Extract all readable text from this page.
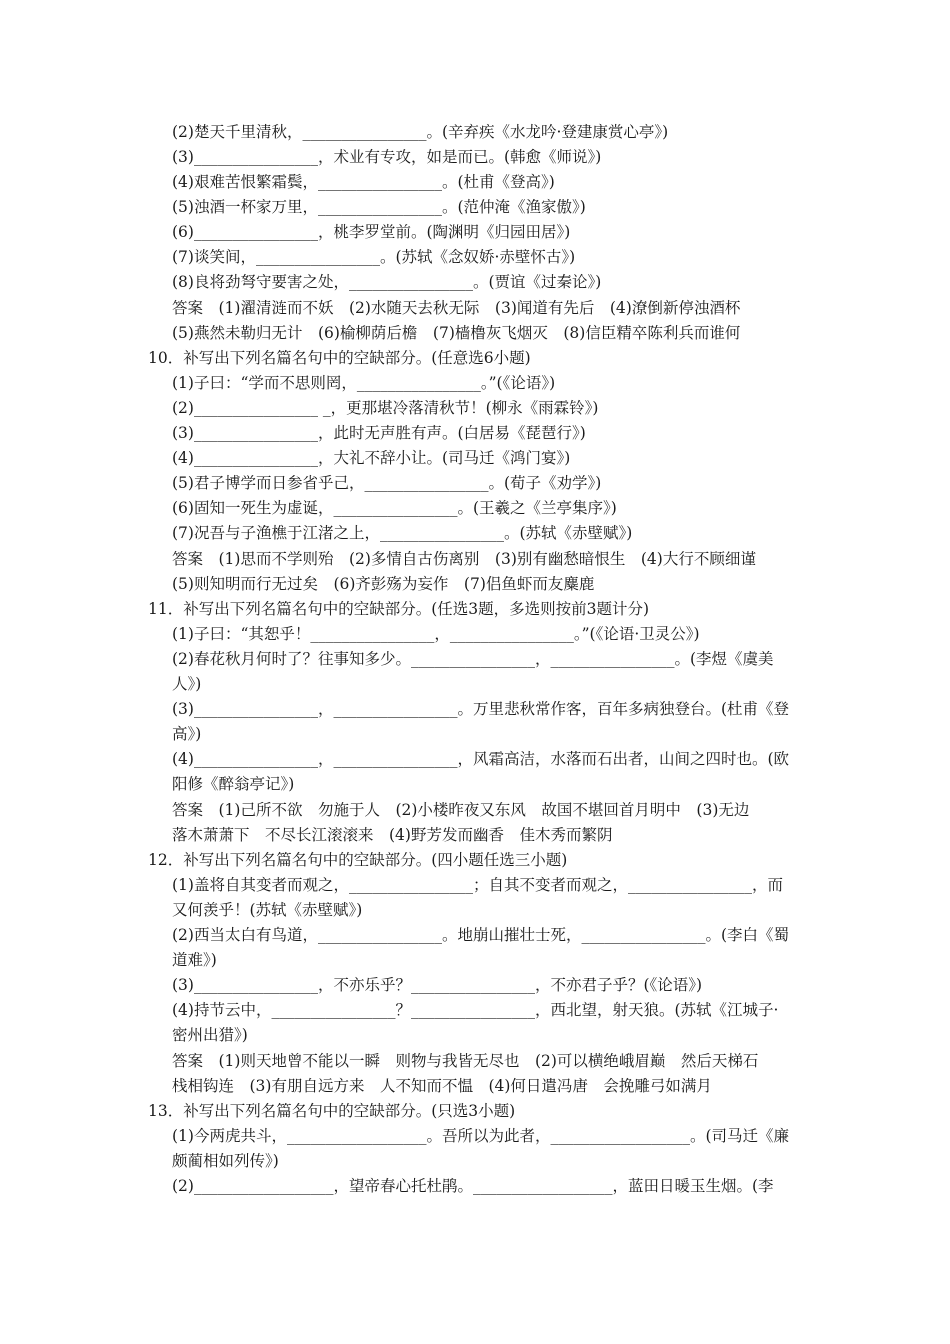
(2)楚天千里清秋，________________。(辛弃疾《水龙吟·登建康赏心亭》)
(3)________________，术业有专攻，如是而已。(韩愈《师说》)
(4)艰难苦恨繁霜鬓，________________。(杜甫《登高》)
(5)浊酒一杯家万里，________________。(范仲淹《渔家傲》)
(6)________________，桃李罗堂前。(陶渊明《归园田居》)
(7)谈笑间，________________。(苏轼《念奴娇·赤壁怀古》)
(8)良将劲弩守要害之处，________________。(贾谊《过秦论》)
答案　(1)濯清涟而不妖　(2)水随天去秋无际　(3)闻道有先后　(4)潦倒新停浊酒杯
(5)燕然未勒归无计　(6)榆柳荫后檐　(7)樯橹灰飞烟灭　(8)信臣精卒陈利兵而谁何
10．补写出下列名篇名句中的空缺部分。(任意选6小题)
(1)子曰：“学而不思则罔，________________。”(《论语》)
(2)________________ _，更那堪冷落清秋节！(柳永《雨霖铃》)
(3)________________，此时无声胜有声。(白居易《琵琶行》)
(4)________________，大礼不辞小让。(司马迁《鸿门宴》)
(5)君子博学而日参省乎己，________________。(荀子《劝学》)
(6)固知一死生为虚诞，________________。(王羲之《兰亭集序》)
(7)况吾与子渔樵于江渚之上，________________。(苏轼《赤壁赋》)
答案　(1)思而不学则殆　(2)多情自古伤离别　(3)别有幽愁暗恨生　(4)大行不顾细谨
(5)则知明而行无过矣　(6)齐彭殇为妄作　(7)侣鱼虾而友麋鹿
11．补写出下列名篇名句中的空缺部分。(任选3题，多选则按前3题计分)
(1)子曰：“其恕乎！________________，________________。”(《论语·卫灵公》)
(2)春花秋月何时了？往事知多少。________________，________________。(李煜《虞美
人》)
(3)________________，________________。万里悲秋常作客，百年多病独登台。(杜甫《登
高》)
(4)________________，________________，风霜高洁，水落而石出者，山间之四时也。(欧
阳修《醉翁亭记》)
答案　(1)己所不欲　勿施于人　(2)小楼昨夜又东风　故国不堪回首月明中　(3)无边
落木萧萧下　不尽长江滚滚来　(4)野芳发而幽香　佳木秀而繁阴
12．补写出下列名篇名句中的空缺部分。(四小题任选三小题)
(1)盖将自其变者而观之，________________；自其不变者而观之，________________，而
又何羡乎！(苏轼《赤壁赋》)
(2)西当太白有鸟道，________________。地崩山摧壮士死，________________。(李白《蜀
道难》)
(3)________________，不亦乐乎？________________，不亦君子乎？(《论语》)
(4)持节云中，________________？________________，西北望，射天狼。(苏轼《江城子·
密州出猎》)
答案　(1)则天地曾不能以一瞬　则物与我皆无尽也　(2)可以横绝峨眉巅　然后天梯石
栈相钩连　(3)有朋自远方来　人不知而不愠　(4)何日遣冯唐　会挽雕弓如满月
13．补写出下列名篇名句中的空缺部分。(只选3小题)
(1)今两虎共斗，__________________。吾所以为此者，__________________。(司马迁《廉
颇蔺相如列传》)
(2)__________________，望帝春心托杜鹃。__________________，蓝田日暖玉生烟。(李
